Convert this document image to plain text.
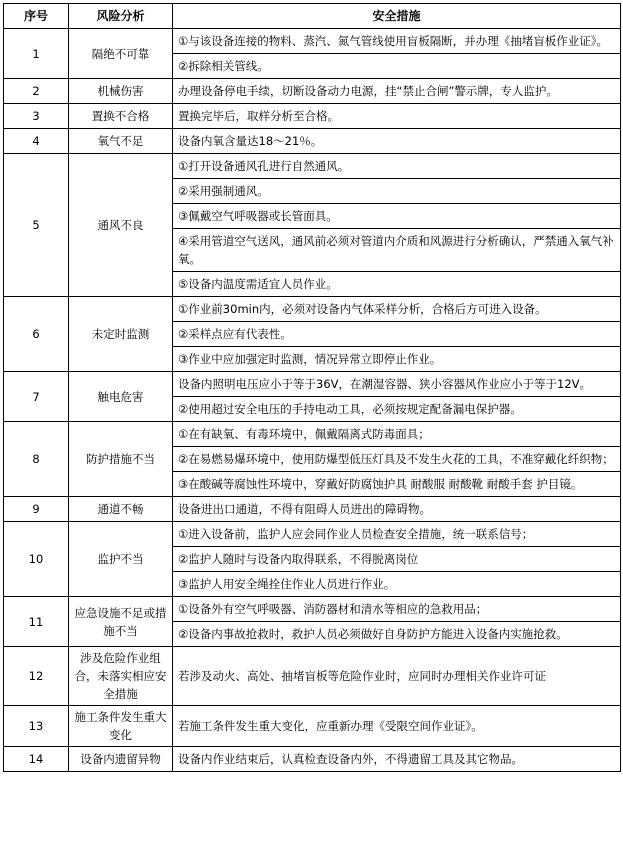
序号	风险分析	安全措施
1	隔绝不可靠	①与该设备连接的物料、蒸汽、氮气管线使用盲板隔断，并办理《抽堵盲板作业证》。
		②拆除相关管线。
2	机械伤害	办理设备停电手续，切断设备动力电源，挂“禁止合闸”警示牌，专人监护。
3	置换不合格	置换完毕后，取样分析至合格。
4	氧气不足	设备内氧含量达18～21％。
5	通风不良	①打开设备通风孔进行自然通风。
		②采用强制通风。
		③佩戴空气呼吸器或长管面具。
		④采用管道空气送风，通风前必须对管道内介质和风源进行分析确认，严禁通入氧气补氧。
		⑤设备内温度需适宜人员作业。
6	未定时监测	①作业前30min内，必须对设备内气体采样分析，合格后方可进入设备。
		②采样点应有代表性。
		③作业中应加强定时监测，情况异常立即停止作业。
7	触电危害	设备内照明电压应小于等于36V，在潮湿容器、狭小容器风作业应小于等于12V。
		②使用超过安全电压的手持电动工具，必须按规定配备漏电保护器。
8	防护措施不当	①在有缺氧、有毒环境中，佩戴隔离式防毒面具；
		②在易燃易爆环境中，使用防爆型低压灯具及不发生火花的工具，不准穿戴化纤织物；
		③在酸碱等腐蚀性环境中，穿戴好防腐蚀护具 耐酸服 耐酸靴 耐酸手套 护目镜。
9	通道不畅	设备进出口通道，不得有阻碍人员进出的障碍物。
10	监护不当	①进入设备前，监护人应会同作业人员检查安全措施，统一联系信号；
		②监护人随时与设备内取得联系，不得脱离岗位
		③监护人用安全绳拴住作业人员进行作业。
11	应急设施不足或措施不当	①设备外有空气呼吸器、消防器材和清水等相应的急救用品；
		②设备内事故抢救时，救护人员必须做好自身防护方能进入设备内实施抢救。
12	涉及危险作业组合，未落实相应安全措施	若涉及动火、高处、抽堵盲板等危险作业时，应同时办理相关作业许可证
13	施工条件发生重大变化	若施工条件发生重大变化，应重新办理《受限空间作业证》。
14	设备内遗留异物	设备内作业结束后，认真检查设备内外，不得遗留工具及其它物品。
